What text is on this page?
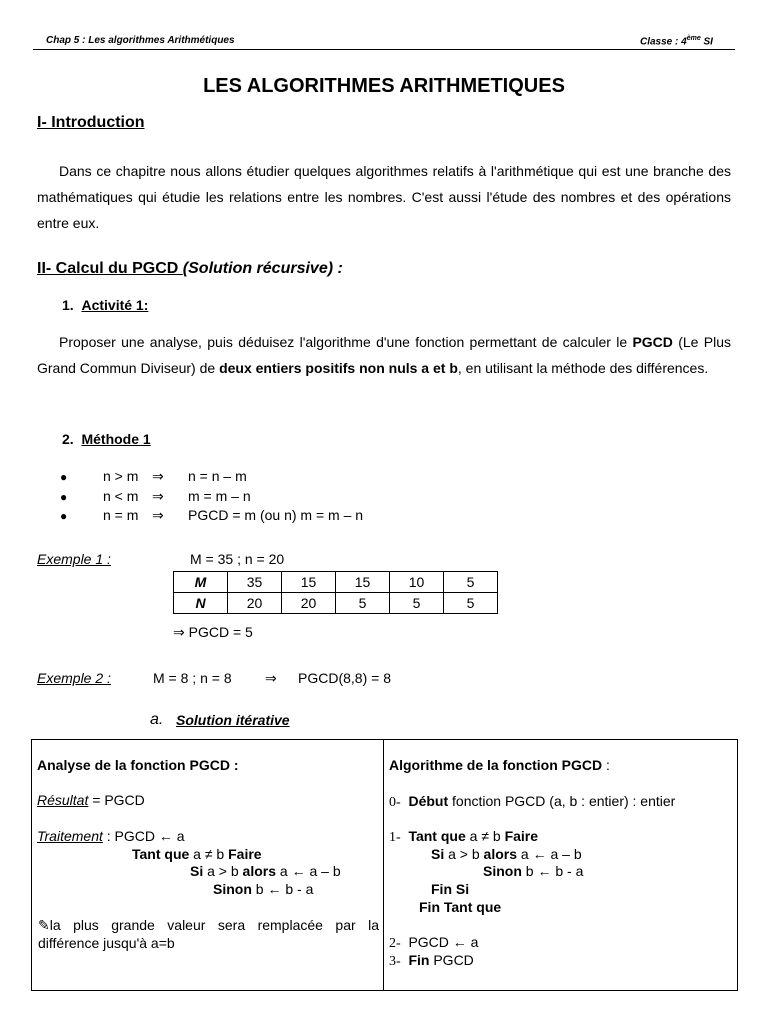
Chap 5 : Les algorithmes Arithmétiques	Classe : 4ème SI
LES ALGORITHMES ARITHMETIQUES
I- Introduction
Dans ce chapitre nous allons étudier quelques algorithmes relatifs à l'arithmétique qui est une branche des mathématiques qui étudie les relations entre les nombres. C'est aussi l'étude des nombres et des opérations entre eux.
II- Calcul du PGCD (Solution récursive) :
1. Activité 1:
Proposer une analyse, puis déduisez l'algorithme d'une fonction permettant de calculer le PGCD (Le Plus Grand Commun Diviseur) de deux entiers positifs non nuls a et b, en utilisant la méthode des différences.
2. Méthode 1
●	n > m ⇒ n = n – m
●	n < m ⇒ m = m – n
●	n = m ⇒ PGCD = m (ou n) m = m – n
Exemple 1 :	M = 35 ; n = 20
M	35	15	15	10	5
N	20	20	5	5	5
⇒ PGCD = 5
Exemple 2 :	M = 8 ; n = 8 ⇒ PGCD(8,8) = 8
a. Solution itérative
Analyse de la fonction PGCD :
Résultat = PGCD
Traitement : PGCD ← a
Tant que a ≠ b Faire
Si a > b alors a ← a – b
Sinon b ← b - a
✎la plus grande valeur sera remplacée par la différence jusqu'à a=b
Algorithme de la fonction PGCD :
0- Début fonction PGCD (a, b : entier) : entier
1- Tant que a ≠ b Faire
Si a > b alors a ← a – b
Sinon b ← b - a
Fin Si
Fin Tant que
2- PGCD ← a
3- Fin PGCD
